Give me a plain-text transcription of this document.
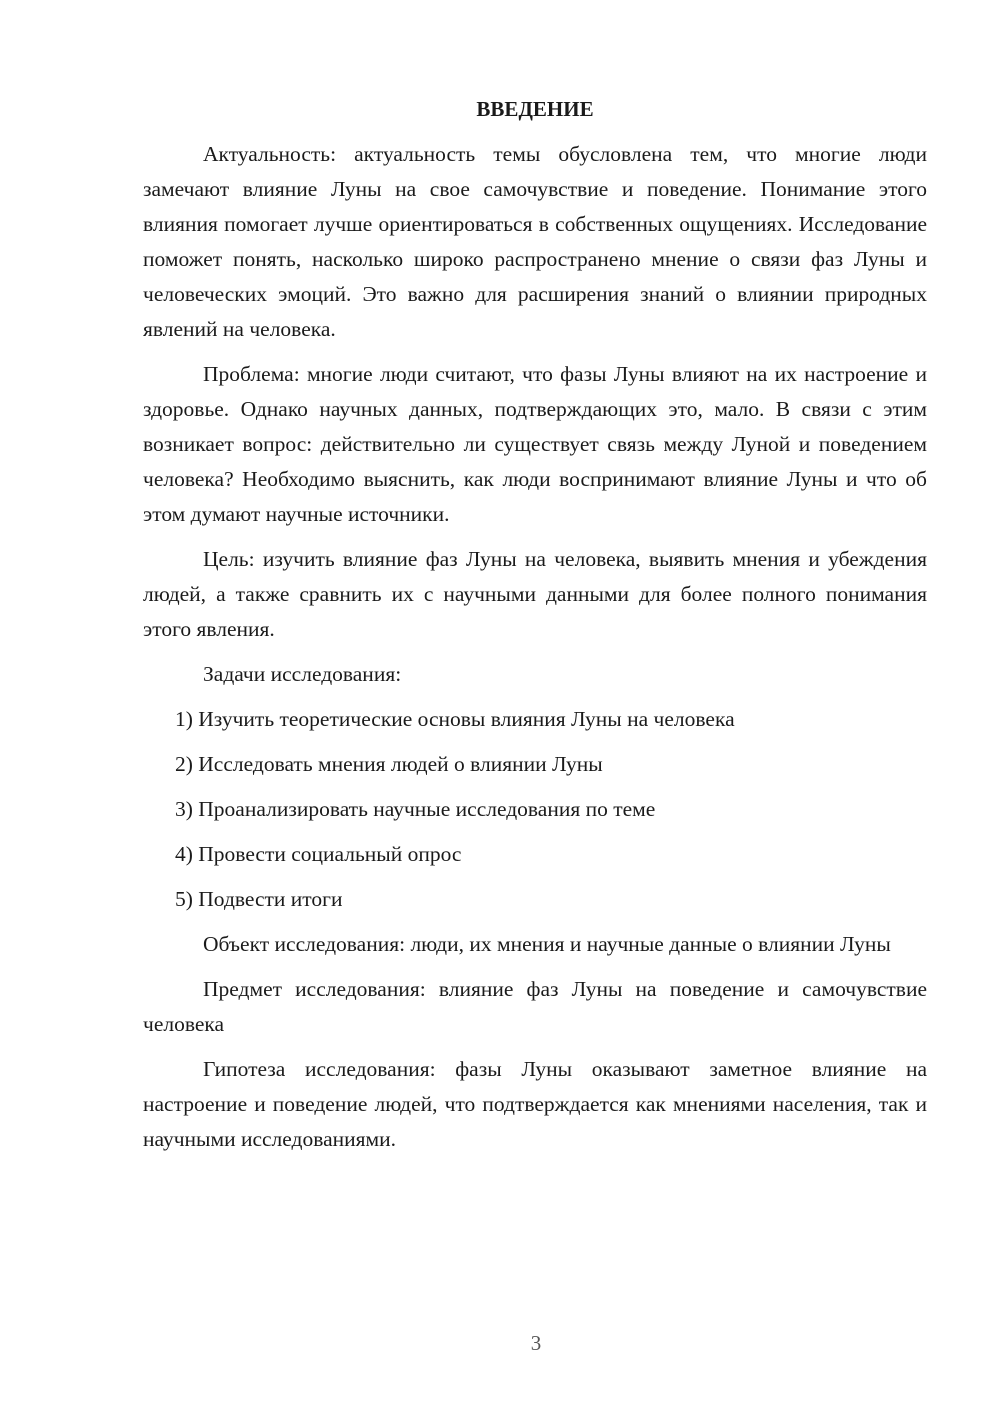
ВВЕДЕНИЕ

Актуальность: актуальность темы обусловлена тем, что многие люди замечают влияние Луны на свое самочувствие и поведение. Понимание этого влияния помогает лучше ориентироваться в собственных ощущениях. Исследование поможет понять, насколько широко распространено мнение о связи фаз Луны и человеческих эмоций. Это важно для расширения знаний о влиянии природных явлений на человека.

Проблема: многие люди считают, что фазы Луны влияют на их настроение и здоровье. Однако научных данных, подтверждающих это, мало. В связи с этим возникает вопрос: действительно ли существует связь между Луной и поведением человека? Необходимо выяснить, как люди воспринимают влияние Луны и что об этом думают научные источники.

Цель: изучить влияние фаз Луны на человека, выявить мнения и убеждения людей, а также сравнить их с научными данными для более полного понимания этого явления.

Задачи исследования:
1) Изучить теоретические основы влияния Луны на человека
2) Исследовать мнения людей о влиянии Луны
3) Проанализировать научные исследования по теме
4) Провести социальный опрос
5) Подвести итоги

Объект исследования: люди, их мнения и научные данные о влиянии Луны

Предмет исследования: влияние фаз Луны на поведение и самочувствие человека

Гипотеза исследования: фазы Луны оказывают заметное влияние на настроение и поведение людей, что подтверждается как мнениями населения, так и научными исследованиями.

3
